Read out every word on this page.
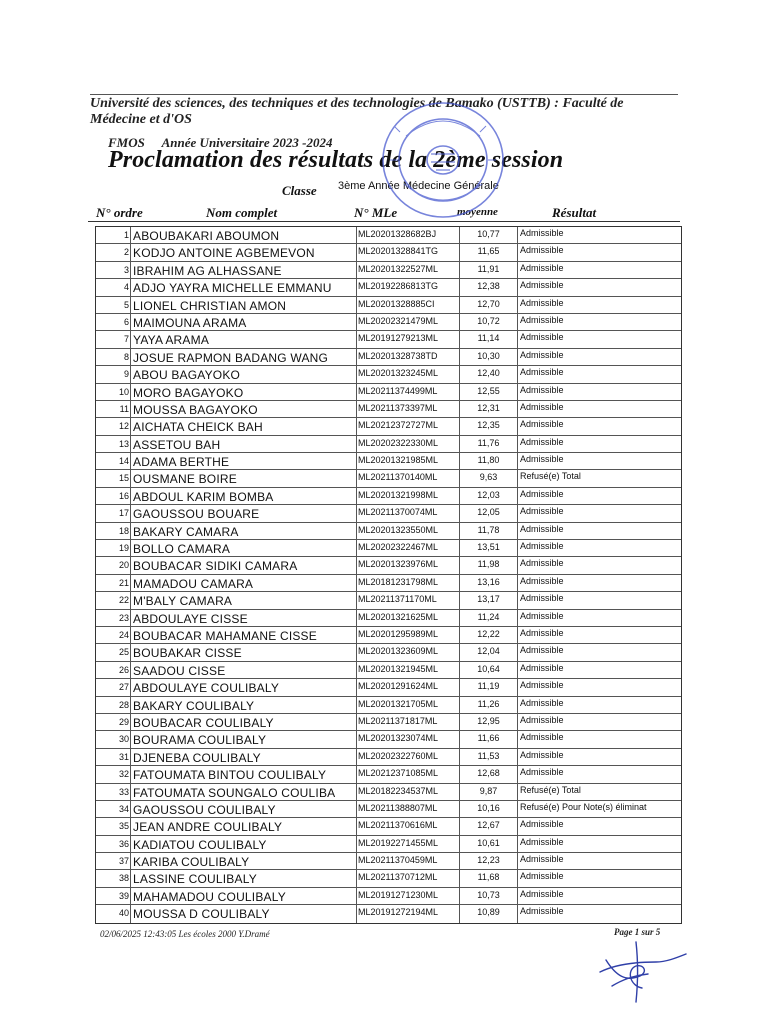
Université des sciences, des techniques et des technologies de Bamako (USTTB) : Faculté de Médecine et d'OS
FMOS Année Universitaire 2023 -2024
Proclamation des résultats de la 2ème session
Classe 3ème Année Médecine Générale
N° ordre	Nom complet	N° MLe	moyenne	Résultat
1 ABOUBAKARI ABOUMON	ML20201328682BJ	10,77	Admissible
2 KODJO ANTOINE AGBEMEVON	ML20201328841TG	11,65	Admissible
3 IBRAHIM AG ALHASSANE	ML20201322527ML	11,91	Admissible
4 ADJO YAYRA MICHELLE EMMANU	ML20192286813TG	12,38	Admissible
5 LIONEL CHRISTIAN AMON	ML20201328885CI	12,70	Admissible
6 MAIMOUNA ARAMA	ML20202321479ML	10,72	Admissible
7 YAYA ARAMA	ML20191279213ML	11,14	Admissible
8 JOSUE RAPMON BADANG WANG	ML20201328738TD	10,30	Admissible
9 ABOU BAGAYOKO	ML20201323245ML	12,40	Admissible
10 MORO BAGAYOKO	ML20211374499ML	12,55	Admissible
11 MOUSSA BAGAYOKO	ML20211373397ML	12,31	Admissible
12 AICHATA CHEICK BAH	ML20212372727ML	12,35	Admissible
13 ASSETOU BAH	ML20202322330ML	11,76	Admissible
14 ADAMA BERTHE	ML20201321985ML	11,80	Admissible
15 OUSMANE BOIRE	ML20211370140ML	9,63	Refusé(e) Total
16 ABDOUL KARIM BOMBA	ML20201321998ML	12,03	Admissible
17 GAOUSSOU BOUARE	ML20211370074ML	12,05	Admissible
18 BAKARY CAMARA	ML20201323550ML	11,78	Admissible
19 BOLLO CAMARA	ML20202322467ML	13,51	Admissible
20 BOUBACAR SIDIKI CAMARA	ML20201323976ML	11,98	Admissible
21 MAMADOU CAMARA	ML20181231798ML	13,16	Admissible
22 M'BALY CAMARA	ML20211371170ML	13,17	Admissible
23 ABDOULAYE CISSE	ML20201321625ML	11,24	Admissible
24 BOUBACAR MAHAMANE CISSE	ML20201295989ML	12,22	Admissible
25 BOUBAKAR CISSE	ML20201323609ML	12,04	Admissible
26 SAADOU CISSE	ML20201321945ML	10,64	Admissible
27 ABDOULAYE COULIBALY	ML20201291624ML	11,19	Admissible
28 BAKARY COULIBALY	ML20201321705ML	11,26	Admissible
29 BOUBACAR COULIBALY	ML20211371817ML	12,95	Admissible
30 BOURAMA COULIBALY	ML20201323074ML	11,66	Admissible
31 DJENEBA COULIBALY	ML20202322760ML	11,53	Admissible
32 FATOUMATA BINTOU COULIBALY	ML20212371085ML	12,68	Admissible
33 FATOUMATA SOUNGALO COULIBA	ML20182234537ML	9,87	Refusé(e) Total
34 GAOUSSOU COULIBALY	ML20211388807ML	10,16	Refusé(e) Pour Note(s) éliminat
35 JEAN ANDRE COULIBALY	ML20211370616ML	12,67	Admissible
36 KADIATOU COULIBALY	ML20192271455ML	10,61	Admissible
37 KARIBA COULIBALY	ML20211370459ML	12,23	Admissible
38 LASSINE COULIBALY	ML20211370712ML	11,68	Admissible
39 MAHAMADOU COULIBALY	ML20191271230ML	10,73	Admissible
40 MOUSSA D COULIBALY	ML20191272194ML	10,89	Admissible
02/06/2025 12:43:05 Les écoles 2000 Y.Dramé	Page 1 sur 5
